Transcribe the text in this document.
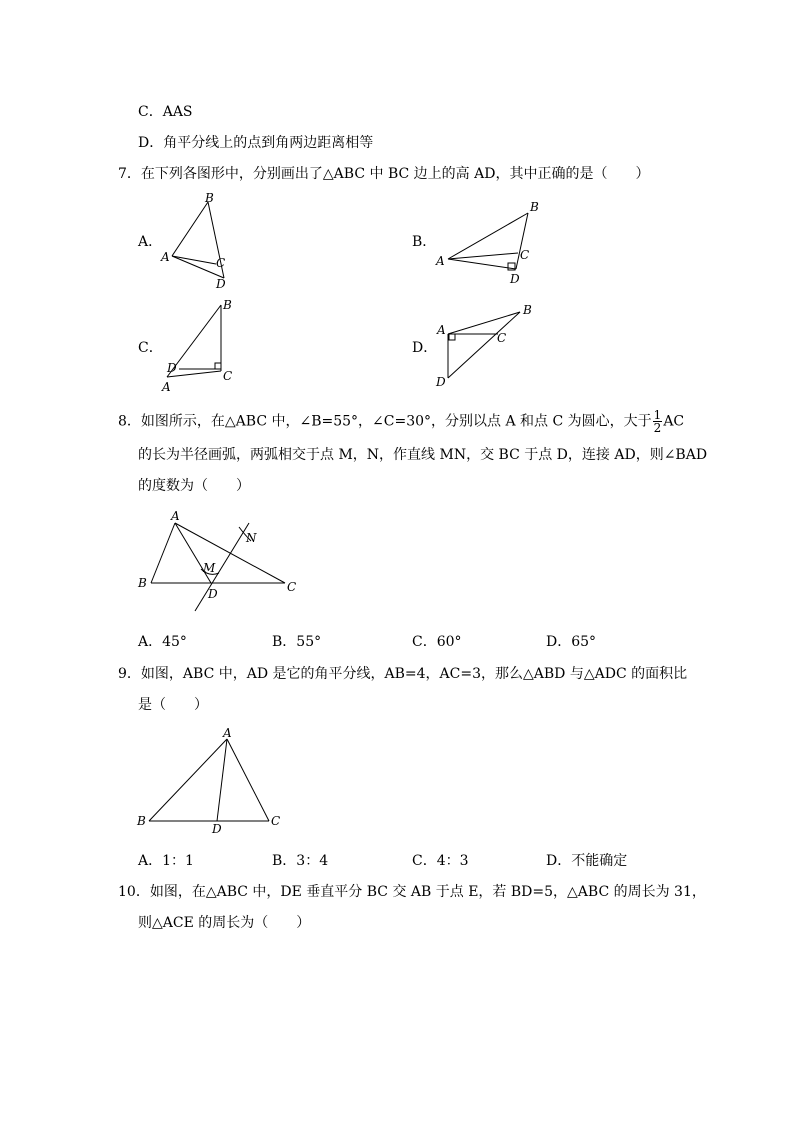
C．AAS
D．角平分线上的点到角两边距离相等
7．在下列各图形中，分别画出了△ABC 中 BC 边上的高 AD，其中正确的是（　　）
A．
B
A	C
D
B．
B
A	C
D
C．
B
D
C
A
D．
B
A
C
D
8．如图所示，在△ABC 中，∠B=55°，∠C=30°，分别以点 A 和点 C 为圆心，大于 $\frac{1}{2}$ AC
的长为半径画弧，两弧相交于点 M，N，作直线 MN，交 BC 于点 D，连接 AD，则∠BAD
的度数为（　　）
A
B	C
D
M
N
A．45°	B．55°	C．60°	D．65°
9．如图，ABC 中，AD 是它的角平分线，AB=4，AC=3，那么△ABD 与△ADC 的面积比
是（　　）
A
B	C
D
A．1：1	B．3：4	C．4：3	D．不能确定
10．如图，在△ABC 中，DE 垂直平分 BC 交 AB 于点 E，若 BD=5，△ABC 的周长为 31，
则△ACE 的周长为（　　）
